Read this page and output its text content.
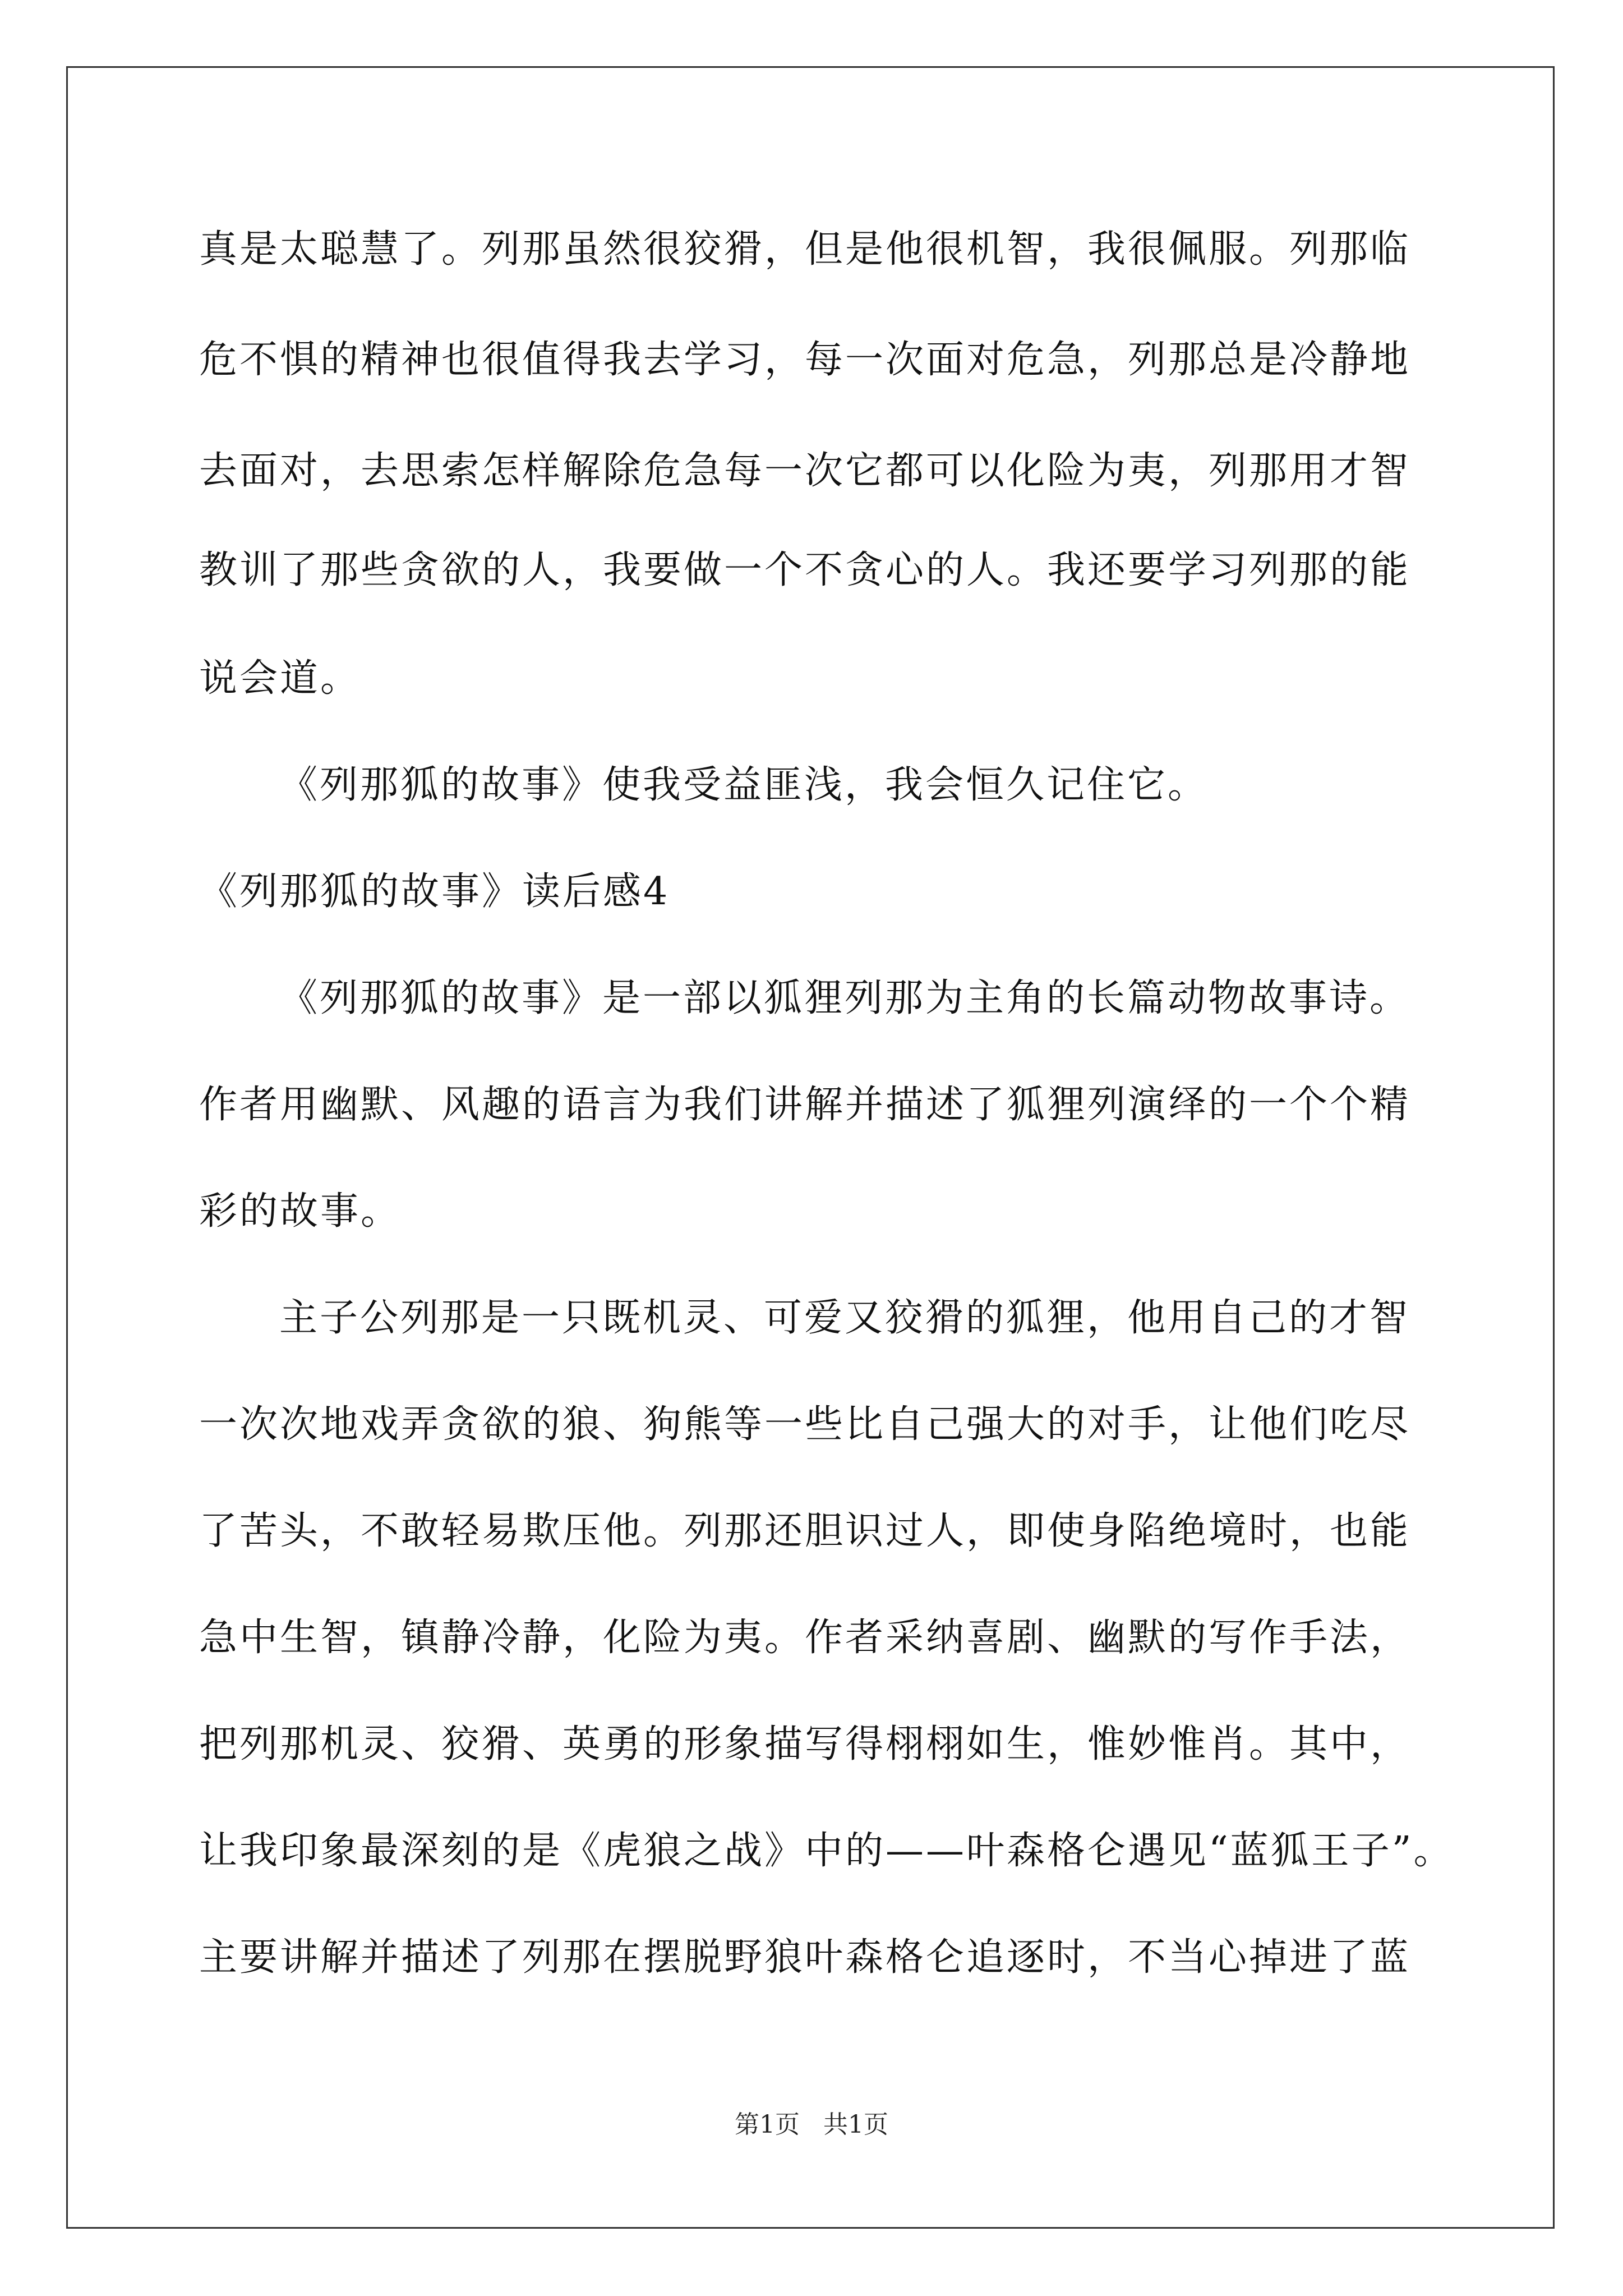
真是太聪慧了。列那虽然很狡猾，但是他很机智，我很佩服。列那临
危不惧的精神也很值得我去学习，每一次面对危急，列那总是冷静地
去面对，去思索怎样解除危急每一次它都可以化险为夷，列那用才智
教训了那些贪欲的人，我要做一个不贪心的人。我还要学习列那的能
说会道。
《列那狐的故事》使我受益匪浅，我会恒久记住它。
《列那狐的故事》读后感4
《列那狐的故事》是一部以狐狸列那为主角的长篇动物故事诗。
作者用幽默、风趣的语言为我们讲解并描述了狐狸列演绎的一个个精
彩的故事。
主子公列那是一只既机灵、可爱又狡猾的狐狸，他用自己的才智
一次次地戏弄贪欲的狼、狗熊等一些比自己强大的对手，让他们吃尽
了苦头，不敢轻易欺压他。列那还胆识过人，即使身陷绝境时，也能
急中生智，镇静冷静，化险为夷。作者采纳喜剧、幽默的写作手法，
把列那机灵、狡猾、英勇的形象描写得栩栩如生，惟妙惟肖。其中，
让我印象最深刻的是《虎狼之战》中的——叶森格仑遇见“蓝狐王子”。
主要讲解并描述了列那在摆脱野狼叶森格仑追逐时，不当心掉进了蓝
第1页   共1页
